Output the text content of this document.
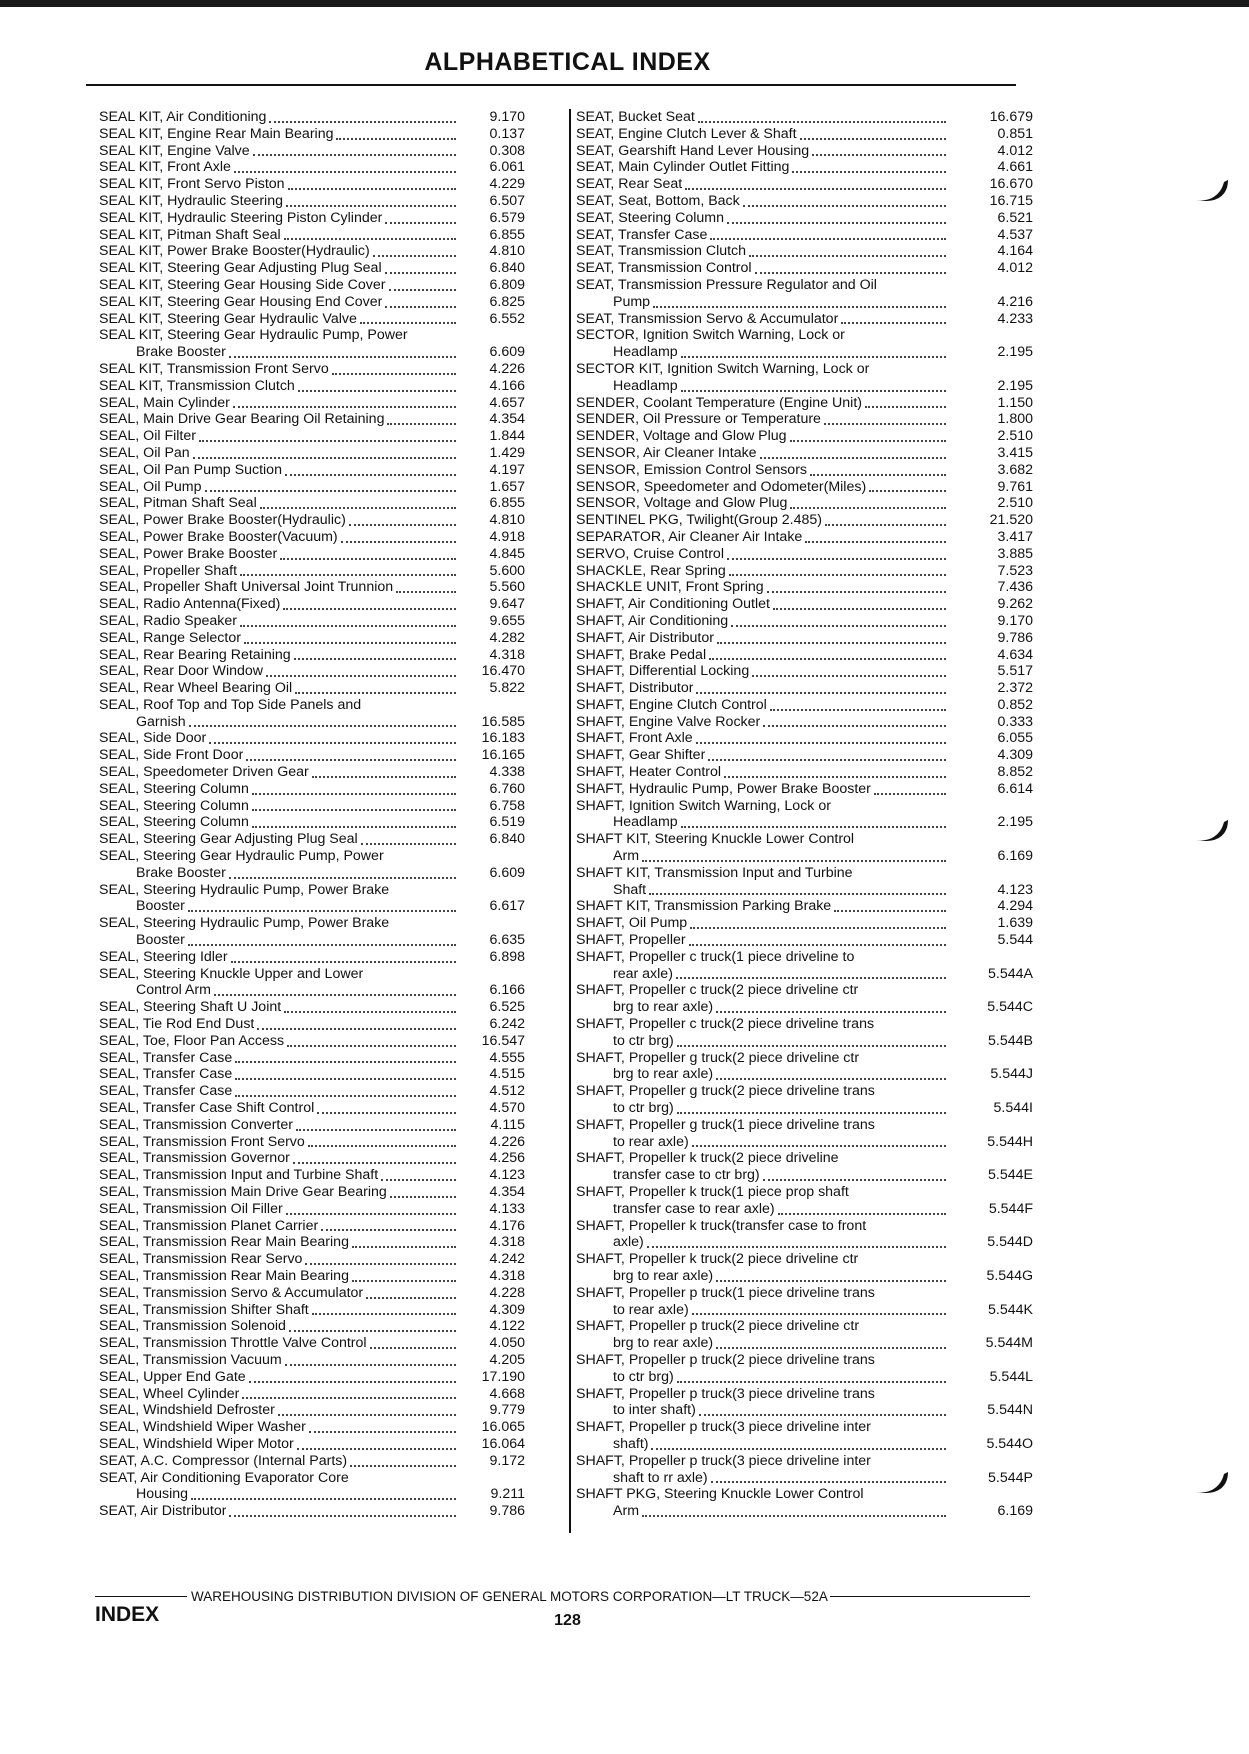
ALPHABETICAL INDEX
SEAL KIT, Air Conditioning	9.170
SEAL KIT, Engine Rear Main Bearing	0.137
SEAL KIT, Engine Valve	0.308
SEAL KIT, Front Axle	6.061
SEAL KIT, Front Servo Piston	4.229
SEAL KIT, Hydraulic Steering	6.507
SEAL KIT, Hydraulic Steering Piston Cylinder	6.579
SEAL KIT, Pitman Shaft Seal	6.855
SEAL KIT, Power Brake Booster(Hydraulic)	4.810
SEAL KIT, Steering Gear Adjusting Plug Seal	6.840
SEAL KIT, Steering Gear Housing Side Cover	6.809
SEAL KIT, Steering Gear Housing End Cover	6.825
SEAL KIT, Steering Gear Hydraulic Valve	6.552
SEAL KIT, Steering Gear Hydraulic Pump, Power
Brake Booster	6.609
SEAL KIT, Transmission Front Servo	4.226
SEAL KIT, Transmission Clutch	4.166
SEAL, Main Cylinder	4.657
SEAL, Main Drive Gear Bearing Oil Retaining	4.354
SEAL, Oil Filter	1.844
SEAL, Oil Pan	1.429
SEAL, Oil Pan Pump Suction	4.197
SEAL, Oil Pump	1.657
SEAL, Pitman Shaft Seal	6.855
SEAL, Power Brake Booster(Hydraulic)	4.810
SEAL, Power Brake Booster(Vacuum)	4.918
SEAL, Power Brake Booster	4.845
SEAL, Propeller Shaft	5.600
SEAL, Propeller Shaft Universal Joint Trunnion	5.560
SEAL, Radio Antenna(Fixed)	9.647
SEAL, Radio Speaker	9.655
SEAL, Range Selector	4.282
SEAL, Rear Bearing Retaining	4.318
SEAL, Rear Door Window	16.470
SEAL, Rear Wheel Bearing Oil	5.822
SEAL, Roof Top and Top Side Panels and
Garnish	16.585
SEAL, Side Door	16.183
SEAL, Side Front Door	16.165
SEAL, Speedometer Driven Gear	4.338
SEAL, Steering Column	6.760
SEAL, Steering Column	6.758
SEAL, Steering Column	6.519
SEAL, Steering Gear Adjusting Plug Seal	6.840
SEAL, Steering Gear Hydraulic Pump, Power
Brake Booster	6.609
SEAL, Steering Hydraulic Pump, Power Brake
Booster	6.617
SEAL, Steering Hydraulic Pump, Power Brake
Booster	6.635
SEAL, Steering Idler	6.898
SEAL, Steering Knuckle Upper and Lower
Control Arm	6.166
SEAL, Steering Shaft U Joint	6.525
SEAL, Tie Rod End Dust	6.242
SEAL, Toe, Floor Pan Access	16.547
SEAL, Transfer Case	4.555
SEAL, Transfer Case	4.515
SEAL, Transfer Case	4.512
SEAL, Transfer Case Shift Control	4.570
SEAL, Transmission Converter	4.115
SEAL, Transmission Front Servo	4.226
SEAL, Transmission Governor	4.256
SEAL, Transmission Input and Turbine Shaft	4.123
SEAL, Transmission Main Drive Gear Bearing	4.354
SEAL, Transmission Oil Filler	4.133
SEAL, Transmission Planet Carrier	4.176
SEAL, Transmission Rear Main Bearing	4.318
SEAL, Transmission Rear Servo	4.242
SEAL, Transmission Rear Main Bearing	4.318
SEAL, Transmission Servo & Accumulator	4.228
SEAL, Transmission Shifter Shaft	4.309
SEAL, Transmission Solenoid	4.122
SEAL, Transmission Throttle Valve Control	4.050
SEAL, Transmission Vacuum	4.205
SEAL, Upper End Gate	17.190
SEAL, Wheel Cylinder	4.668
SEAL, Windshield Defroster	9.779
SEAL, Windshield Wiper Washer	16.065
SEAL, Windshield Wiper Motor	16.064
SEAT, A.C. Compressor (Internal Parts)	9.172
SEAT, Air Conditioning Evaporator Core
Housing	9.211
SEAT, Air Distributor	9.786
SEAT, Bucket Seat	16.679
SEAT, Engine Clutch Lever & Shaft	0.851
SEAT, Gearshift Hand Lever Housing	4.012
SEAT, Main Cylinder Outlet Fitting	4.661
SEAT, Rear Seat	16.670
SEAT, Seat, Bottom, Back	16.715
SEAT, Steering Column	6.521
SEAT, Transfer Case	4.537
SEAT, Transmission Clutch	4.164
SEAT, Transmission Control	4.012
SEAT, Transmission Pressure Regulator and Oil
Pump	4.216
SEAT, Transmission Servo & Accumulator	4.233
SECTOR, Ignition Switch Warning, Lock or
Headlamp	2.195
SECTOR KIT, Ignition Switch Warning, Lock or
Headlamp	2.195
SENDER, Coolant Temperature (Engine Unit)	1.150
SENDER, Oil Pressure or Temperature	1.800
SENDER, Voltage and Glow Plug	2.510
SENSOR, Air Cleaner Intake	3.415
SENSOR, Emission Control Sensors	3.682
SENSOR, Speedometer and Odometer(Miles)	9.761
SENSOR, Voltage and Glow Plug	2.510
SENTINEL PKG, Twilight(Group 2.485)	21.520
SEPARATOR, Air Cleaner Air Intake	3.417
SERVO, Cruise Control	3.885
SHACKLE, Rear Spring	7.523
SHACKLE UNIT, Front Spring	7.436
SHAFT, Air Conditioning Outlet	9.262
SHAFT, Air Conditioning	9.170
SHAFT, Air Distributor	9.786
SHAFT, Brake Pedal	4.634
SHAFT, Differential Locking	5.517
SHAFT, Distributor	2.372
SHAFT, Engine Clutch Control	0.852
SHAFT, Engine Valve Rocker	0.333
SHAFT, Front Axle	6.055
SHAFT, Gear Shifter	4.309
SHAFT, Heater Control	8.852
SHAFT, Hydraulic Pump, Power Brake Booster	6.614
SHAFT, Ignition Switch Warning, Lock or
Headlamp	2.195
SHAFT KIT, Steering Knuckle Lower Control
Arm	6.169
SHAFT KIT, Transmission Input and Turbine
Shaft	4.123
SHAFT KIT, Transmission Parking Brake	4.294
SHAFT, Oil Pump	1.639
SHAFT, Propeller	5.544
SHAFT, Propeller c truck(1 piece driveline to
rear axle)	5.544A
SHAFT, Propeller c truck(2 piece driveline ctr
brg to rear axle)	5.544C
SHAFT, Propeller c truck(2 piece driveline trans
to ctr brg)	5.544B
SHAFT, Propeller g truck(2 piece driveline ctr
brg to rear axle)	5.544J
SHAFT, Propeller g truck(2 piece driveline trans
to ctr brg)	5.544I
SHAFT, Propeller g truck(1 piece driveline trans
to rear axle)	5.544H
SHAFT, Propeller k truck(2 piece driveline
transfer case to ctr brg)	5.544E
SHAFT, Propeller k truck(1 piece prop shaft
transfer case to rear axle)	5.544F
SHAFT, Propeller k truck(transfer case to front
axle)	5.544D
SHAFT, Propeller k truck(2 piece driveline ctr
brg to rear axle)	5.544G
SHAFT, Propeller p truck(1 piece driveline trans
to rear axle)	5.544K
SHAFT, Propeller p truck(2 piece driveline ctr
brg to rear axle)	5.544M
SHAFT, Propeller p truck(2 piece driveline trans
to ctr brg)	5.544L
SHAFT, Propeller p truck(3 piece driveline trans
to inter shaft)	5.544N
SHAFT, Propeller p truck(3 piece driveline inter
shaft)	5.544O
SHAFT, Propeller p truck(3 piece driveline inter
shaft to rr axle)	5.544P
SHAFT PKG, Steering Knuckle Lower Control
Arm	6.169
WAREHOUSING DISTRIBUTION DIVISION OF GENERAL MOTORS CORPORATION—LT TRUCK—52A
INDEX	128
